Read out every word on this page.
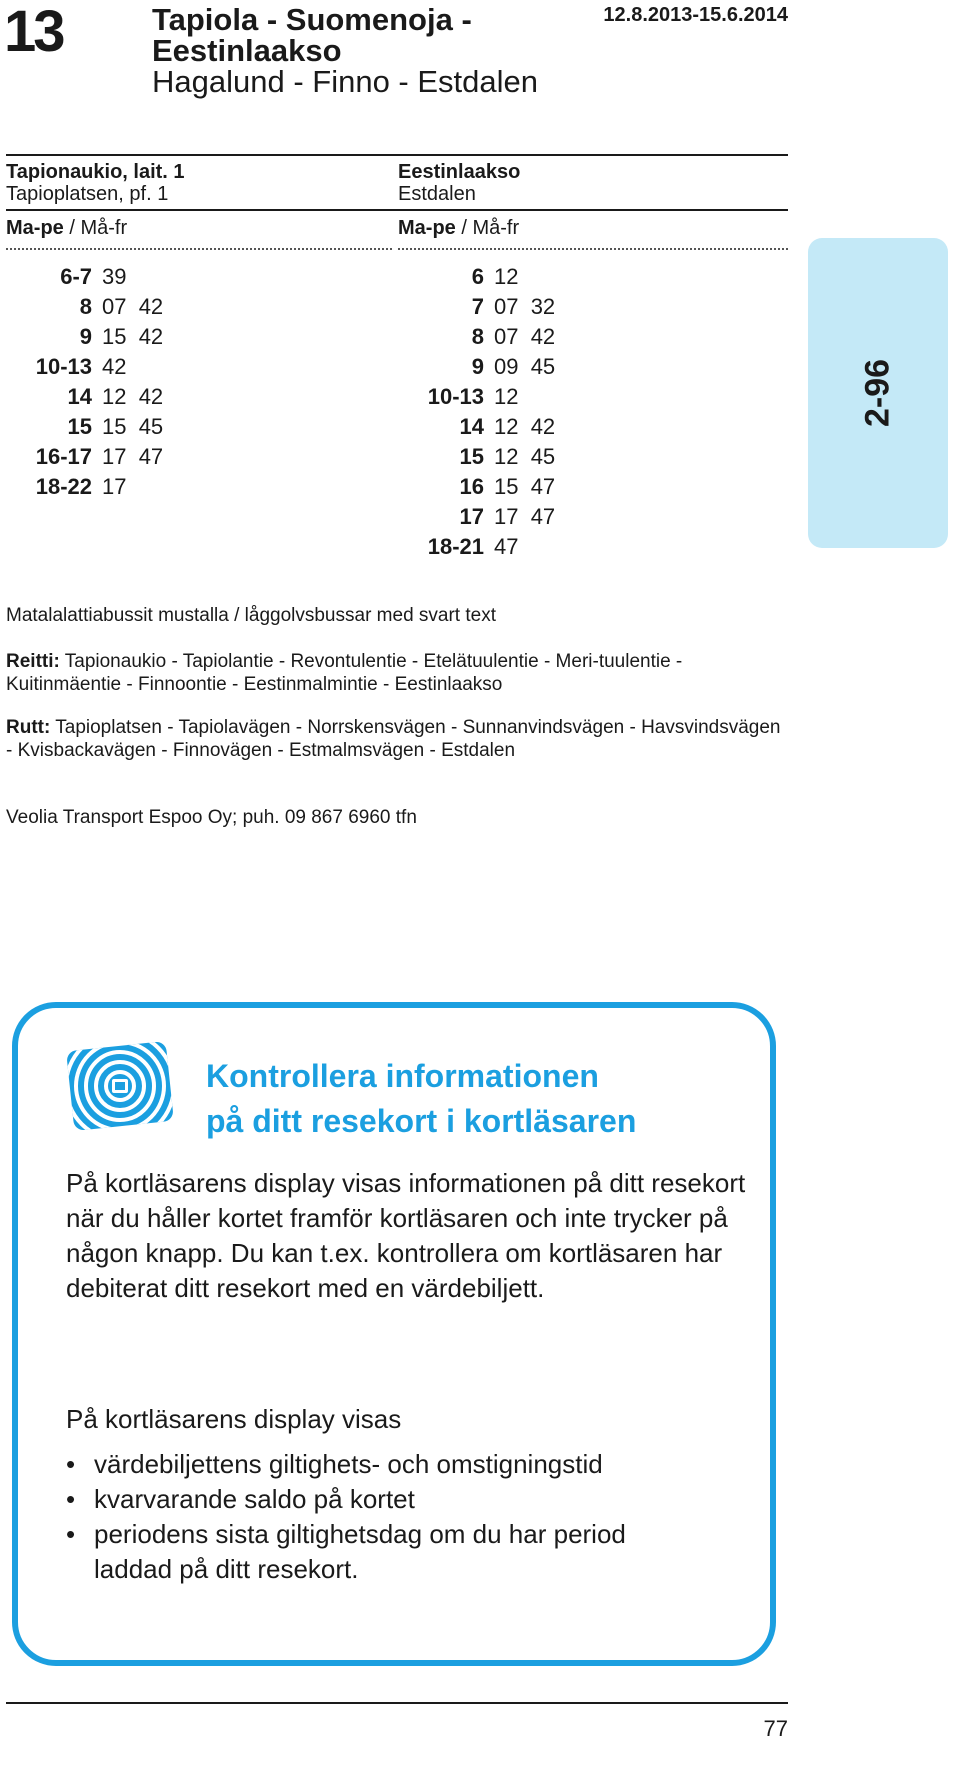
13	Tapiola - Suomenoja - Eestinlaakso
Hagalund - Finno - Estdalen
12.8.2013-15.6.2014
Tapionaukio, lait. 1
Tapioplatsen, pf. 1
Ma-pe / Må-fr
Eestinlaakso
Estdalen
Ma-pe / Må-fr
6-7 39
8 07  42
9 15  42
10-13 42
14 12  42
15 15  45
16-17 17  47
18-22 17
6 12
7 07  32
8 07  42
9 09  45
10-13 12
14 12  42
15 12  45
16 15  47
17 17  47
18-21 47
2-96
Matalalattiabussit mustalla / låggolvsbussar med svart text
Reitti: Tapionaukio - Tapiolantie - Revontulentie - Etelätuulentie - Meri-tuulentie - Kuitinmäentie - Finnoontie - Eestinmalmintie - Eestinlaakso
Rutt: Tapioplatsen - Tapiolavägen - Norrskensvägen - Sunnanvindsvägen - Havsvindsvägen - Kvisbackavägen - Finnovägen - Estmalmsvägen - Estdalen
Veolia Transport Espoo Oy; puh. 09 867 6960 tfn
Kontrollera informationen
på ditt resekort i kortläsaren
På kortläsarens display visas informationen på ditt resekort när du håller kortet framför kortläsaren och inte trycker på någon knapp. Du kan t.ex. kontrollera om kortläsaren har debiterat ditt resekort med en värdebiljett.
På kortläsarens display visas
• värdebiljettens giltighets- och omstigningstid
• kvarvarande saldo på kortet
• periodens sista giltighetsdag om du har period laddad på ditt resekort.
77
